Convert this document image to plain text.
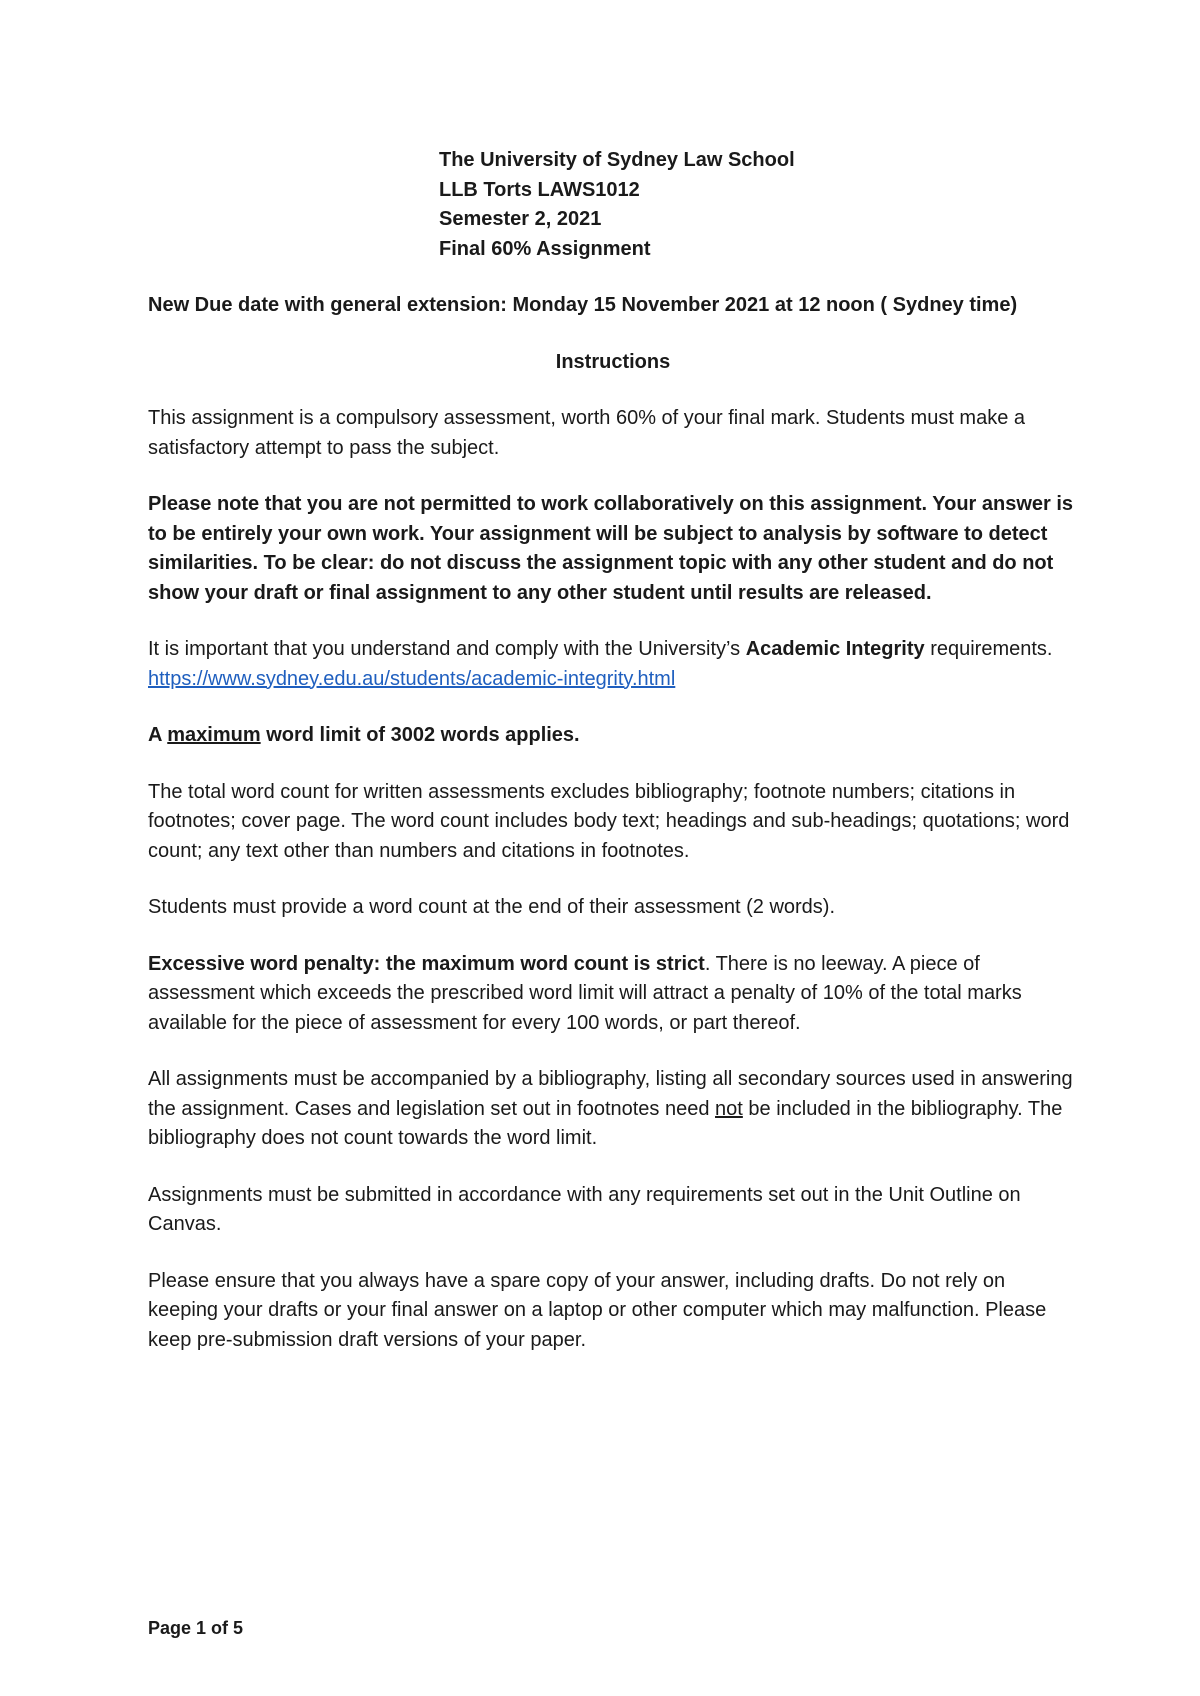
The University of Sydney Law School
LLB Torts LAWS1012
Semester 2, 2021
Final 60% Assignment

New Due date with general extension: Monday 15 November 2021 at 12 noon ( Sydney time)

Instructions

This assignment is a compulsory assessment, worth 60% of your final mark. Students must make a satisfactory attempt to pass the subject.

Please note that you are not permitted to work collaboratively on this assignment. Your answer is to be entirely your own work. Your assignment will be subject to analysis by software to detect similarities. To be clear: do not discuss the assignment topic with any other student and do not show your draft or final assignment to any other student until results are released.

It is important that you understand and comply with the University’s Academic Integrity requirements. https://www.sydney.edu.au/students/academic-integrity.html

A maximum word limit of 3002 words applies.

The total word count for written assessments excludes bibliography; footnote numbers; citations in footnotes; cover page. The word count includes body text; headings and sub-headings; quotations; word count; any text other than numbers and citations in footnotes.

Students must provide a word count at the end of their assessment (2 words).

Excessive word penalty: the maximum word count is strict. There is no leeway. A piece of assessment which exceeds the prescribed word limit will attract a penalty of 10% of the total marks available for the piece of assessment for every 100 words, or part thereof.

All assignments must be accompanied by a bibliography, listing all secondary sources used in answering the assignment. Cases and legislation set out in footnotes need not be included in the bibliography. The bibliography does not count towards the word limit.

Assignments must be submitted in accordance with any requirements set out in the Unit Outline on Canvas.

Please ensure that you always have a spare copy of your answer, including drafts. Do not rely on keeping your drafts or your final answer on a laptop or other computer which may malfunction. Please keep pre-submission draft versions of your paper.

Page 1 of 5
